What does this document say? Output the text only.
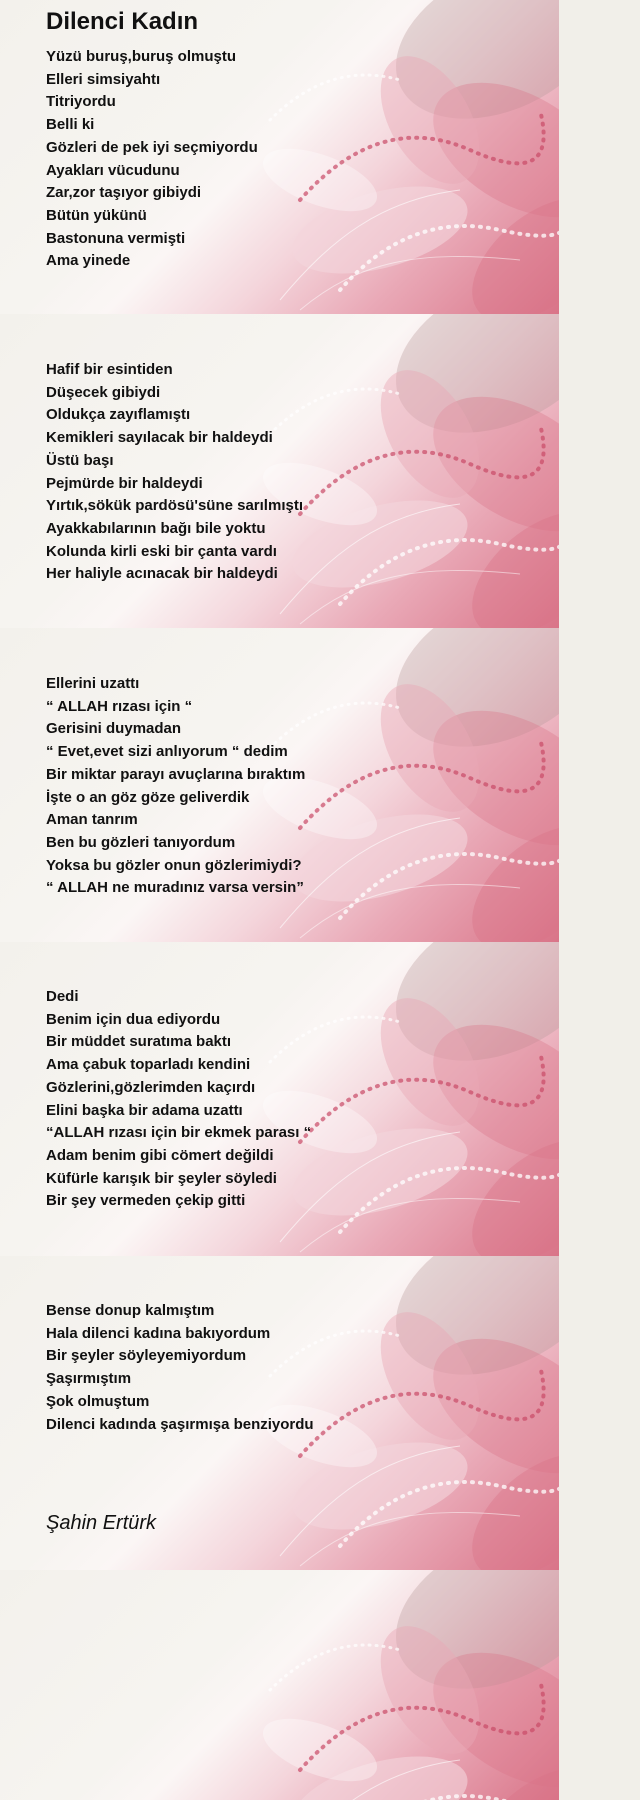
Dilenci Kadın
Yüzü buruş,buruş olmuştu
Elleri simsiyahtı
Titriyordu
Belli ki
Gözleri de pek iyi seçmiyordu
Ayakları vücudunu
Zar,zor taşıyor gibiydi
Bütün yükünü
Bastonuna vermişti
Ama yinede
Hafif bir esintiden
Düşecek gibiydi
Oldukça zayıflamıştı
Kemikleri sayılacak bir haldeydi
Üstü başı
Pejmürde bir haldeydi
Yırtık,sökük pardösü'süne sarılmıştı
Ayakkabılarının bağı bile yoktu
Kolunda kirli eski bir çanta vardı
Her haliyle acınacak bir haldeydi
Ellerini uzattı
“ ALLAH rızası için “
Gerisini duymadan
“ Evet,evet sizi anlıyorum “ dedim
Bir miktar parayı avuçlarına bıraktım
İşte o an göz göze geliverdik
Aman tanrım
Ben bu gözleri tanıyordum
Yoksa bu gözler onun gözlerimiydi?
“ ALLAH ne muradınız varsa versin”
Dedi
Benim için dua ediyordu
Bir müddet suratıma baktı
Ama çabuk toparladı kendini
Gözlerini,gözlerimden kaçırdı
Elini başka bir adama uzattı
“ALLAH rızası için bir ekmek parası “
Adam benim gibi cömert değildi
Küfürle karışık bir şeyler söyledi
Bir şey vermeden çekip gitti
Bense donup kalmıştım
Hala dilenci kadına bakıyordum
Bir şeyler söyleyemiyordum
Şaşırmıştım
Şok olmuştum
Dilenci kadında şaşırmışa benziyordu
Şahin Ertürk
